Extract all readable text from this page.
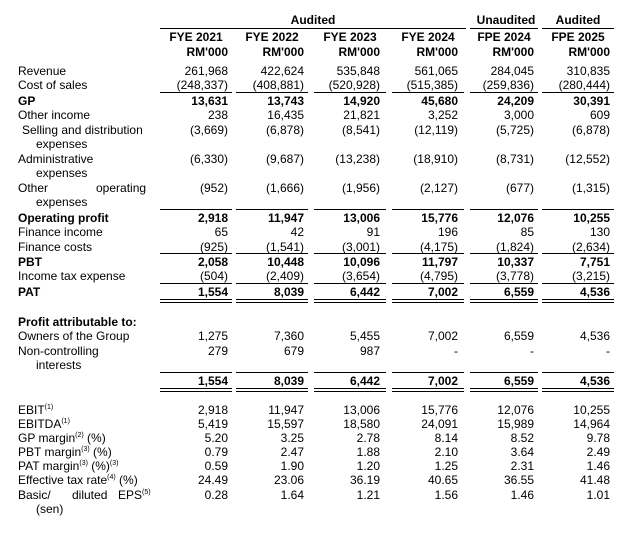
Audited	Unaudited	Audited
FYE 2021	FYE 2022	FYE 2023	FYE 2024	FPE 2024	FPE 2025
RM'000	RM'000	RM'000	RM'000	RM'000	RM'000
Revenue	261,968	422,624	535,848	561,065	284,045	310,835
Cost of sales	(248,337)	(408,881)	(520,928)	(515,385)	(259,836)	(280,444)
GP	13,631	13,743	14,920	45,680	24,209	30,391
Other income	238	16,435	21,821	3,252	3,000	609
Selling and distribution
expenses
(3,669)	(6,878)	(8,541)	(12,119)	(5,725)	(6,878)
Administrative
expenses
(6,330)	(9,687)	(13,238)	(18,910)	(8,731)	(12,552)
Other	operating
expenses
(952)	(1,666)	(1,956)	(2,127)	(677)	(1,315)
Operating profit	2,918	11,947	13,006	15,776	12,076	10,255
Finance income	65	42	91	196	85	130
Finance costs	(925)	(1,541)	(3,001)	(4,175)	(1,824)	(2,634)
PBT	2,058	10,448	10,096	11,797	10,337	7,751
Income tax expense	(504)	(2,409)	(3,654)	(4,795)	(3,778)	(3,215)
PAT	1,554	8,039	6,442	7,002	6,559	4,536
Profit attributable to:
Owners of the Group	1,275	7,360	5,455	7,002	6,559	4,536
Non-controlling
interests
279	679	987	-	-	-
1,554	8,039	6,442	7,002	6,559	4,536
EBIT$^{(1)}$	2,918	11,947	13,006	15,776	12,076	10,255
EBITDA$^{(1)}$	5,419	15,597	18,580	24,091	15,989	14,964
GP margin$^{(2)}$ (%)	5.20	3.25	2.78	8.14	8.52	9.78
PBT margin$^{(3)}$ (%)	0.79	2.47	1.88	2.10	3.64	2.49
PAT margin$^{(3)}$ (%)$^{(3)}$	0.59	1.90	1.20	1.25	2.31	1.46
Effective tax rate$^{(4)}$ (%)	24.49	23.06	36.19	40.65	36.55	41.48
Basic/ diluted EPS$^{(5)}$
(sen)
0.28	1.64	1.21	1.56	1.46	1.01
